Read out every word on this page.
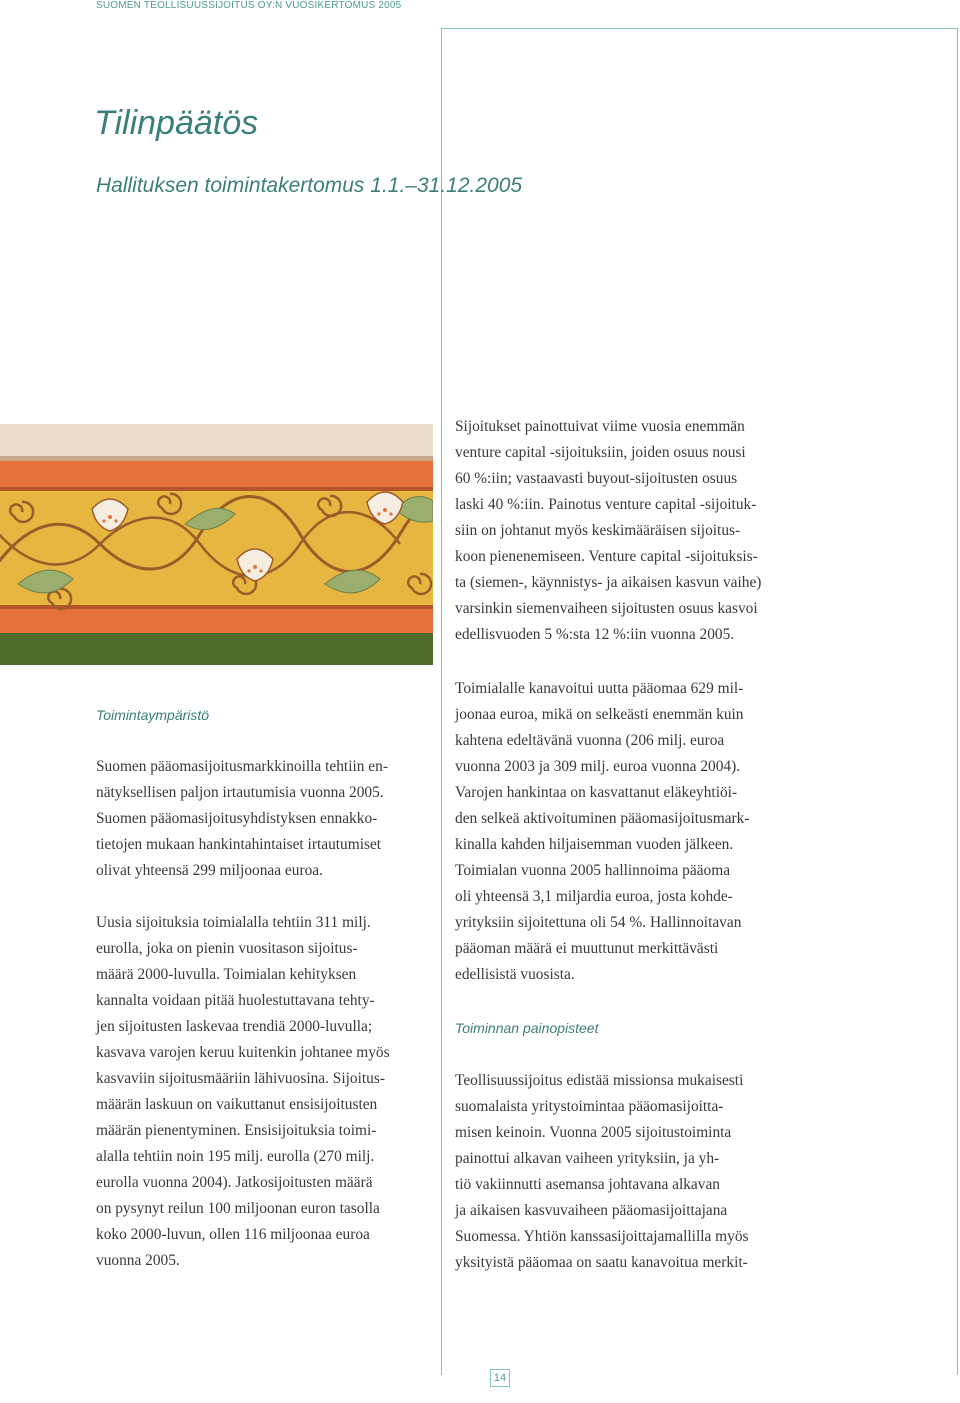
SUOMEN TEOLLISUUSSIJOITUS OY:N VUOSIKERTOMUS 2005
Tilinpäätös
Hallituksen toimintakertomus 1.1.–31.12.2005

Sijoitukset painottuivat viime vuosia enemmän
venture capital -sijoituksiin, joiden osuus nousi
60 %:iin; vastaavasti buyout-sijoitusten osuus
laski 40 %:iin. Painotus venture capital -sijoituk-
siin on johtanut myös keskimääräisen sijoitus-
koon pienenemiseen. Venture capital -sijoituksis-
ta (siemen-, käynnistys- ja aikaisen kasvun vaihe)
varsinkin siemenvaiheen sijoitusten osuus kasvoi
edellisvuoden 5 %:sta 12 %:iin vuonna 2005.

Toimialalle kanavoitui uutta pääomaa 629 mil-
joonaa euroa, mikä on selkeästi enemmän kuin
kahtena edeltävänä vuonna (206 milj. euroa
vuonna 2003 ja 309 milj. euroa vuonna 2004).
Varojen hankintaa on kasvattanut eläkeyhtiöi-
den selkeä aktivoituminen pääomasijoitusmark-
kinalla kahden hiljaisemman vuoden jälkeen.
Toimialan vuonna 2005 hallinnoima pääoma
oli yhteensä 3,1 miljardia euroa, josta kohde-
yrityksiin sijoitettuna oli 54 %. Hallinnoitavan
pääoman määrä ei muuttunut merkittävästi
edellisistä vuosista.

Toiminnan painopisteet

Teollisuussijoitus edistää missionsa mukaisesti
suomalaista yritystoimintaa pääomasijoitta-
misen keinoin. Vuonna 2005 sijoitustoiminta
painottui alkavan vaiheen yrityksiin, ja yh-
tiö vakiinnutti asemansa johtavana alkavan
ja aikaisen kasvuvaiheen pääomasijoittajana
Suomessa. Yhtiön kanssasijoittajamallilla myös
yksityistä pääomaa on saatu kanavoitua merkit-

Toimintaympäristö

Suomen pääomasijoitusmarkkinoilla tehtiin en-
nätyksellisen paljon irtautumisia vuonna 2005.
Suomen pääomasijoitusyhdistyksen ennakko-
tietojen mukaan hankintahintaiset irtautumiset
olivat yhteensä 299 miljoonaa euroa.

Uusia sijoituksia toimialalla tehtiin 311 milj.
eurolla, joka on pienin vuositason sijoitus-
määrä 2000-luvulla. Toimialan kehityksen
kannalta voidaan pitää huolestuttavana tehty-
jen sijoitusten laskevaa trendiä 2000-luvulla;
kasvava varojen keruu kuitenkin johtanee myös
kasvaviin sijoitusmääriin lähivuosina. Sijoitus-
määrän laskuun on vaikuttanut ensisijoitusten
määrän pienentyminen. Ensisijoituksia toimi-
alalla tehtiin noin 195 milj. eurolla (270 milj.
eurolla vuonna 2004). Jatkosijoitusten määrä
on pysynyt reilun 100 miljoonan euron tasolla
koko 2000-luvun, ollen 116 miljoonaa euroa
vuonna 2005.

14
